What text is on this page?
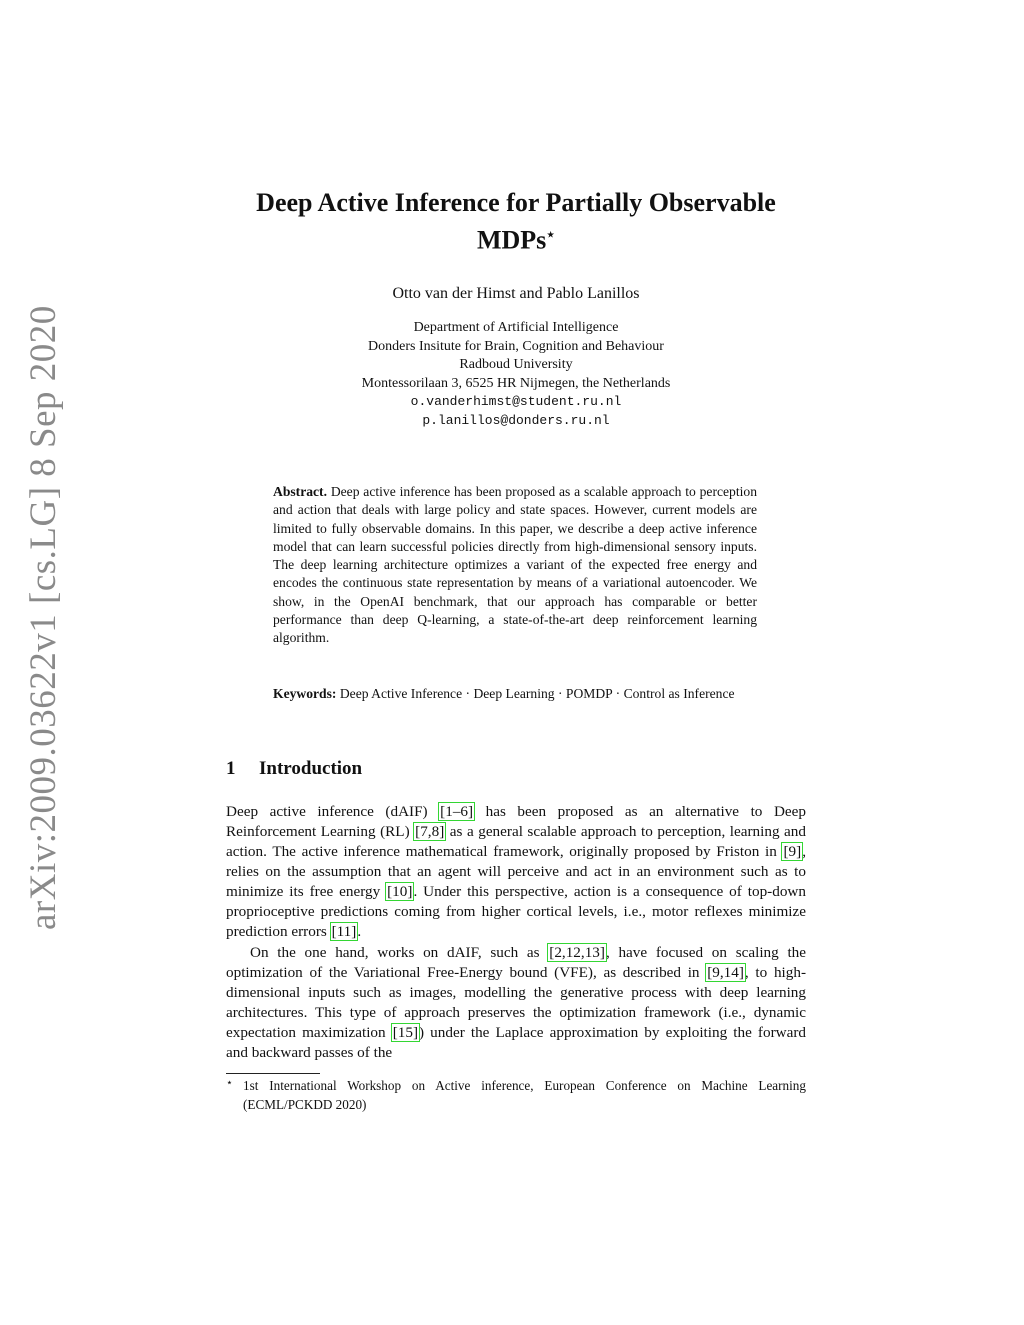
arXiv:2009.03622v1 [cs.LG] 8 Sep 2020
Deep Active Inference for Partially Observable
MDPs⋆
Otto van der Himst and Pablo Lanillos
Department of Artificial Intelligence
Donders Insitute for Brain, Cognition and Behaviour
Radboud University
Montessorilaan 3, 6525 HR Nijmegen, the Netherlands
o.vanderhimst@student.ru.nl
p.lanillos@donders.ru.nl
Abstract. Deep active inference has been proposed as a scalable approach to perception and action that deals with large policy and state spaces. However, current models are limited to fully observable domains. In this paper, we describe a deep active inference model that can learn successful policies directly from high-dimensional sensory inputs. The deep learning architecture optimizes a variant of the expected free energy and encodes the continuous state representation by means of a variational autoencoder. We show, in the OpenAI benchmark, that our approach has comparable or better performance than deep Q-learning, a state-of-the-art deep reinforcement learning algorithm.
Keywords: Deep Active Inference · Deep Learning · POMDP · Control as Inference
1 Introduction
Deep active inference (dAIF) [1–6] has been proposed as an alternative to Deep Reinforcement Learning (RL) [7,8] as a general scalable approach to perception, learning and action. The active inference mathematical framework, originally proposed by Friston in [9], relies on the assumption that an agent will perceive and act in an environment such as to minimize its free energy [10]. Under this perspective, action is a consequence of top-down proprioceptive predictions coming from higher cortical levels, i.e., motor reflexes minimize prediction errors [11].
On the one hand, works on dAIF, such as [2,12,13], have focused on scaling the optimization of the Variational Free-Energy bound (VFE), as described in [9,14], to high-dimensional inputs such as images, modelling the generative process with deep learning architectures. This type of approach preserves the optimization framework (i.e., dynamic expectation maximization [15]) under the Laplace approximation by exploiting the forward and backward passes of the
⋆ 1st International Workshop on Active inference, European Conference on Machine Learning (ECML/PCKDD 2020)
